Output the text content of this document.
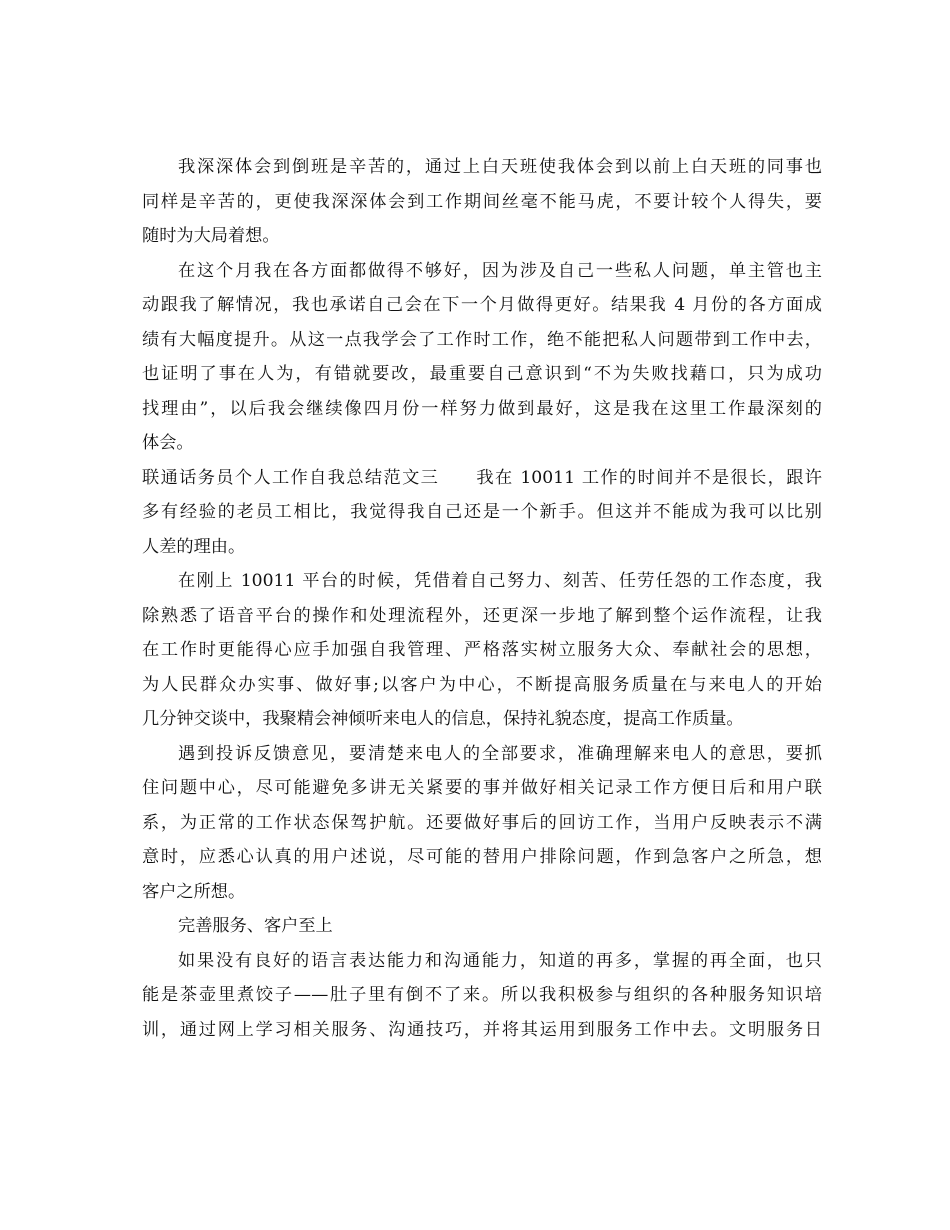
我深深体会到倒班是辛苦的，通过上白天班使我体会到以前上白天班的同事也
同样是辛苦的，更使我深深体会到工作期间丝毫不能马虎，不要计较个人得失，要
随时为大局着想。
在这个月我在各方面都做得不够好，因为涉及自己一些私人问题，单主管也主
动跟我了解情况，我也承诺自己会在下一个月做得更好。结果我 4 月份的各方面成
绩有大幅度提升。从这一点我学会了工作时工作，绝不能把私人问题带到工作中去，
也证明了事在人为，有错就要改，最重要自己意识到“不为失败找藉口，只为成功
找理由”，以后我会继续像四月份一样努力做到最好，这是我在这里工作最深刻的
体会。
联通话务员个人工作自我总结范文三　　我在 10011 工作的时间并不是很长，跟许
多有经验的老员工相比，我觉得我自己还是一个新手。但这并不能成为我可以比别
人差的理由。
在刚上 10011 平台的时候，凭借着自己努力、刻苦、任劳任怨的工作态度，我
除熟悉了语音平台的操作和处理流程外，还更深一步地了解到整个运作流程，让我
在工作时更能得心应手加强自我管理、严格落实树立服务大众、奉献社会的思想，
为人民群众办实事、做好事;以客户为中心，不断提高服务质量在与来电人的开始
几分钟交谈中，我聚精会神倾听来电人的信息，保持礼貌态度，提高工作质量。
遇到投诉反馈意见，要清楚来电人的全部要求，准确理解来电人的意思，要抓
住问题中心，尽可能避免多讲无关紧要的事并做好相关记录工作方便日后和用户联
系，为正常的工作状态保驾护航。还要做好事后的回访工作，当用户反映表示不满
意时，应悉心认真的用户述说，尽可能的替用户排除问题，作到急客户之所急，想
客户之所想。
完善服务、客户至上
如果没有良好的语言表达能力和沟通能力，知道的再多，掌握的再全面，也只
能是茶壶里煮饺子——肚子里有倒不了来。所以我积极参与组织的各种服务知识培
训，通过网上学习相关服务、沟通技巧，并将其运用到服务工作中去。文明服务日
